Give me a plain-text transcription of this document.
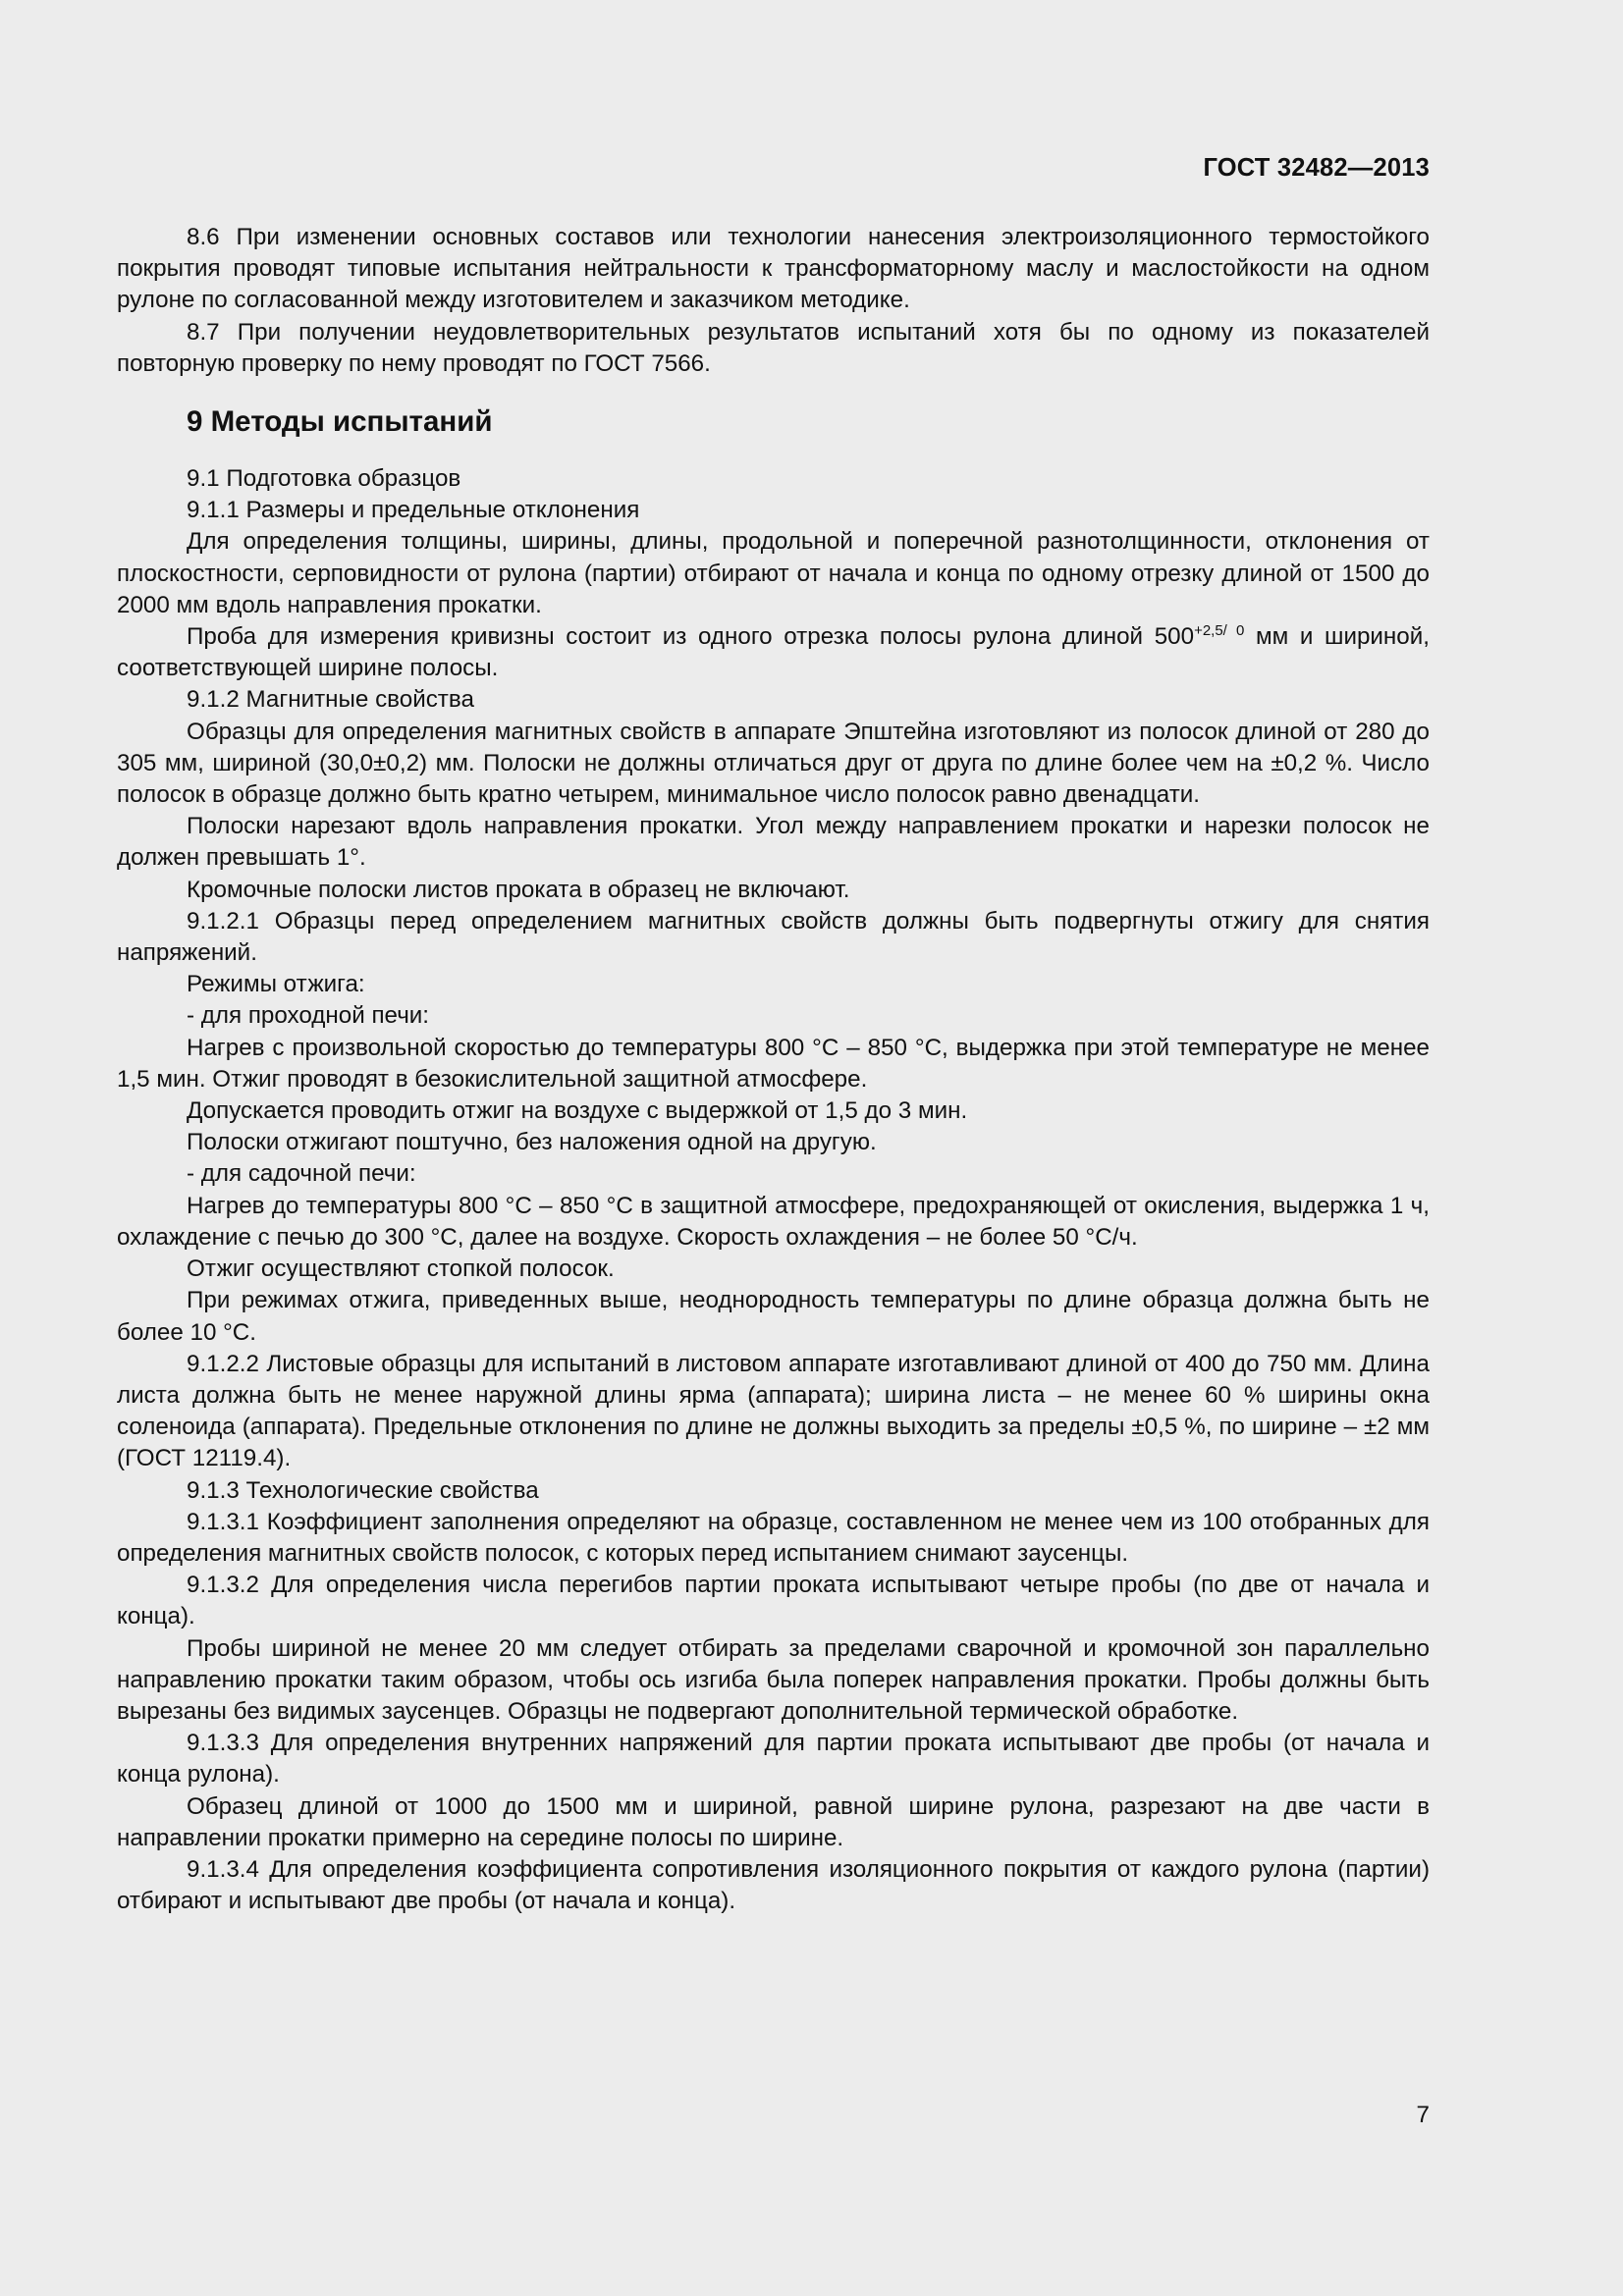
ГОСТ 32482—2013

8.6 При изменении основных составов или технологии нанесения электроизоляционного термостойкого покрытия проводят типовые испытания нейтральности к трансформаторному маслу и маслостойкости на одном рулоне по согласованной между изготовителем и заказчиком методике.

8.7 При получении неудовлетворительных результатов испытаний хотя бы по одному из показателей повторную проверку по нему проводят по ГОСТ 7566.

9 Методы испытаний

9.1 Подготовка образцов

9.1.1 Размеры и предельные отклонения

Для определения толщины, ширины, длины, продольной и поперечной разнотолщинности, отклонения от плоскостности, серповидности от рулона (партии) отбирают от начала и конца по одному отрезку длиной от 1500 до 2000 мм вдоль направления прокатки.

Проба для измерения кривизны состоит из одного отрезка полосы рулона длиной $500^{+2,5/ 0}$ мм и шириной, соответствующей ширине полосы.

9.1.2 Магнитные свойства

Образцы для определения магнитных свойств в аппарате Эпштейна изготовляют из полосок длиной от 280 до 305 мм, шириной (30,0±0,2) мм. Полоски не должны отличаться друг от друга по длине более чем на ±0,2 %. Число полосок в образце должно быть кратно четырем, минимальное число полосок равно двенадцати.

Полоски нарезают вдоль направления прокатки. Угол между направлением прокатки и нарезки полосок не должен превышать 1°.

Кромочные полоски листов проката в образец не включают.

9.1.2.1 Образцы перед определением магнитных свойств должны быть подвергнуты отжигу для снятия напряжений.

Режимы отжига:

- для проходной печи:

Нагрев с произвольной скоростью до температуры 800 °С – 850 °С, выдержка при этой температуре не менее 1,5 мин. Отжиг проводят в безокислительной защитной атмосфере.

Допускается проводить отжиг на воздухе с выдержкой от 1,5 до 3 мин.

Полоски отжигают поштучно, без наложения одной на другую.

- для садочной печи:

Нагрев до температуры 800 °С – 850 °С в защитной атмосфере, предохраняющей от окисления, выдержка 1 ч, охлаждение с печью до 300 °С, далее на воздухе. Скорость охлаждения – не более 50 °С/ч.

Отжиг осуществляют стопкой полосок.

При режимах отжига, приведенных выше, неоднородность температуры по длине образца должна быть не более 10 °С.

9.1.2.2 Листовые образцы для испытаний в листовом аппарате изготавливают длиной от 400 до 750 мм. Длина листа должна быть не менее наружной длины ярма (аппарата); ширина листа – не менее 60 % ширины окна соленоида (аппарата). Предельные отклонения по длине не должны выходить за пределы ±0,5 %, по ширине – ±2 мм (ГОСТ 12119.4).

9.1.3 Технологические свойства

9.1.3.1 Коэффициент заполнения определяют на образце, составленном не менее чем из 100 отобранных для определения магнитных свойств полосок, с которых перед испытанием снимают заусенцы.

9.1.3.2 Для определения числа перегибов партии проката испытывают четыре пробы (по две от начала и конца).

Пробы шириной не менее 20 мм следует отбирать за пределами сварочной и кромочной зон параллельно направлению прокатки таким образом, чтобы ось изгиба была поперек направления прокатки. Пробы должны быть вырезаны без видимых заусенцев. Образцы не подвергают дополнительной термической обработке.

9.1.3.3 Для определения внутренних напряжений для партии проката испытывают две пробы (от начала и конца рулона).

Образец длиной от 1000 до 1500 мм и шириной, равной ширине рулона, разрезают на две части в направлении прокатки примерно на середине полосы по ширине.

9.1.3.4 Для определения коэффициента сопротивления изоляционного покрытия от каждого рулона (партии) отбирают и испытывают две пробы (от начала и конца).

7
